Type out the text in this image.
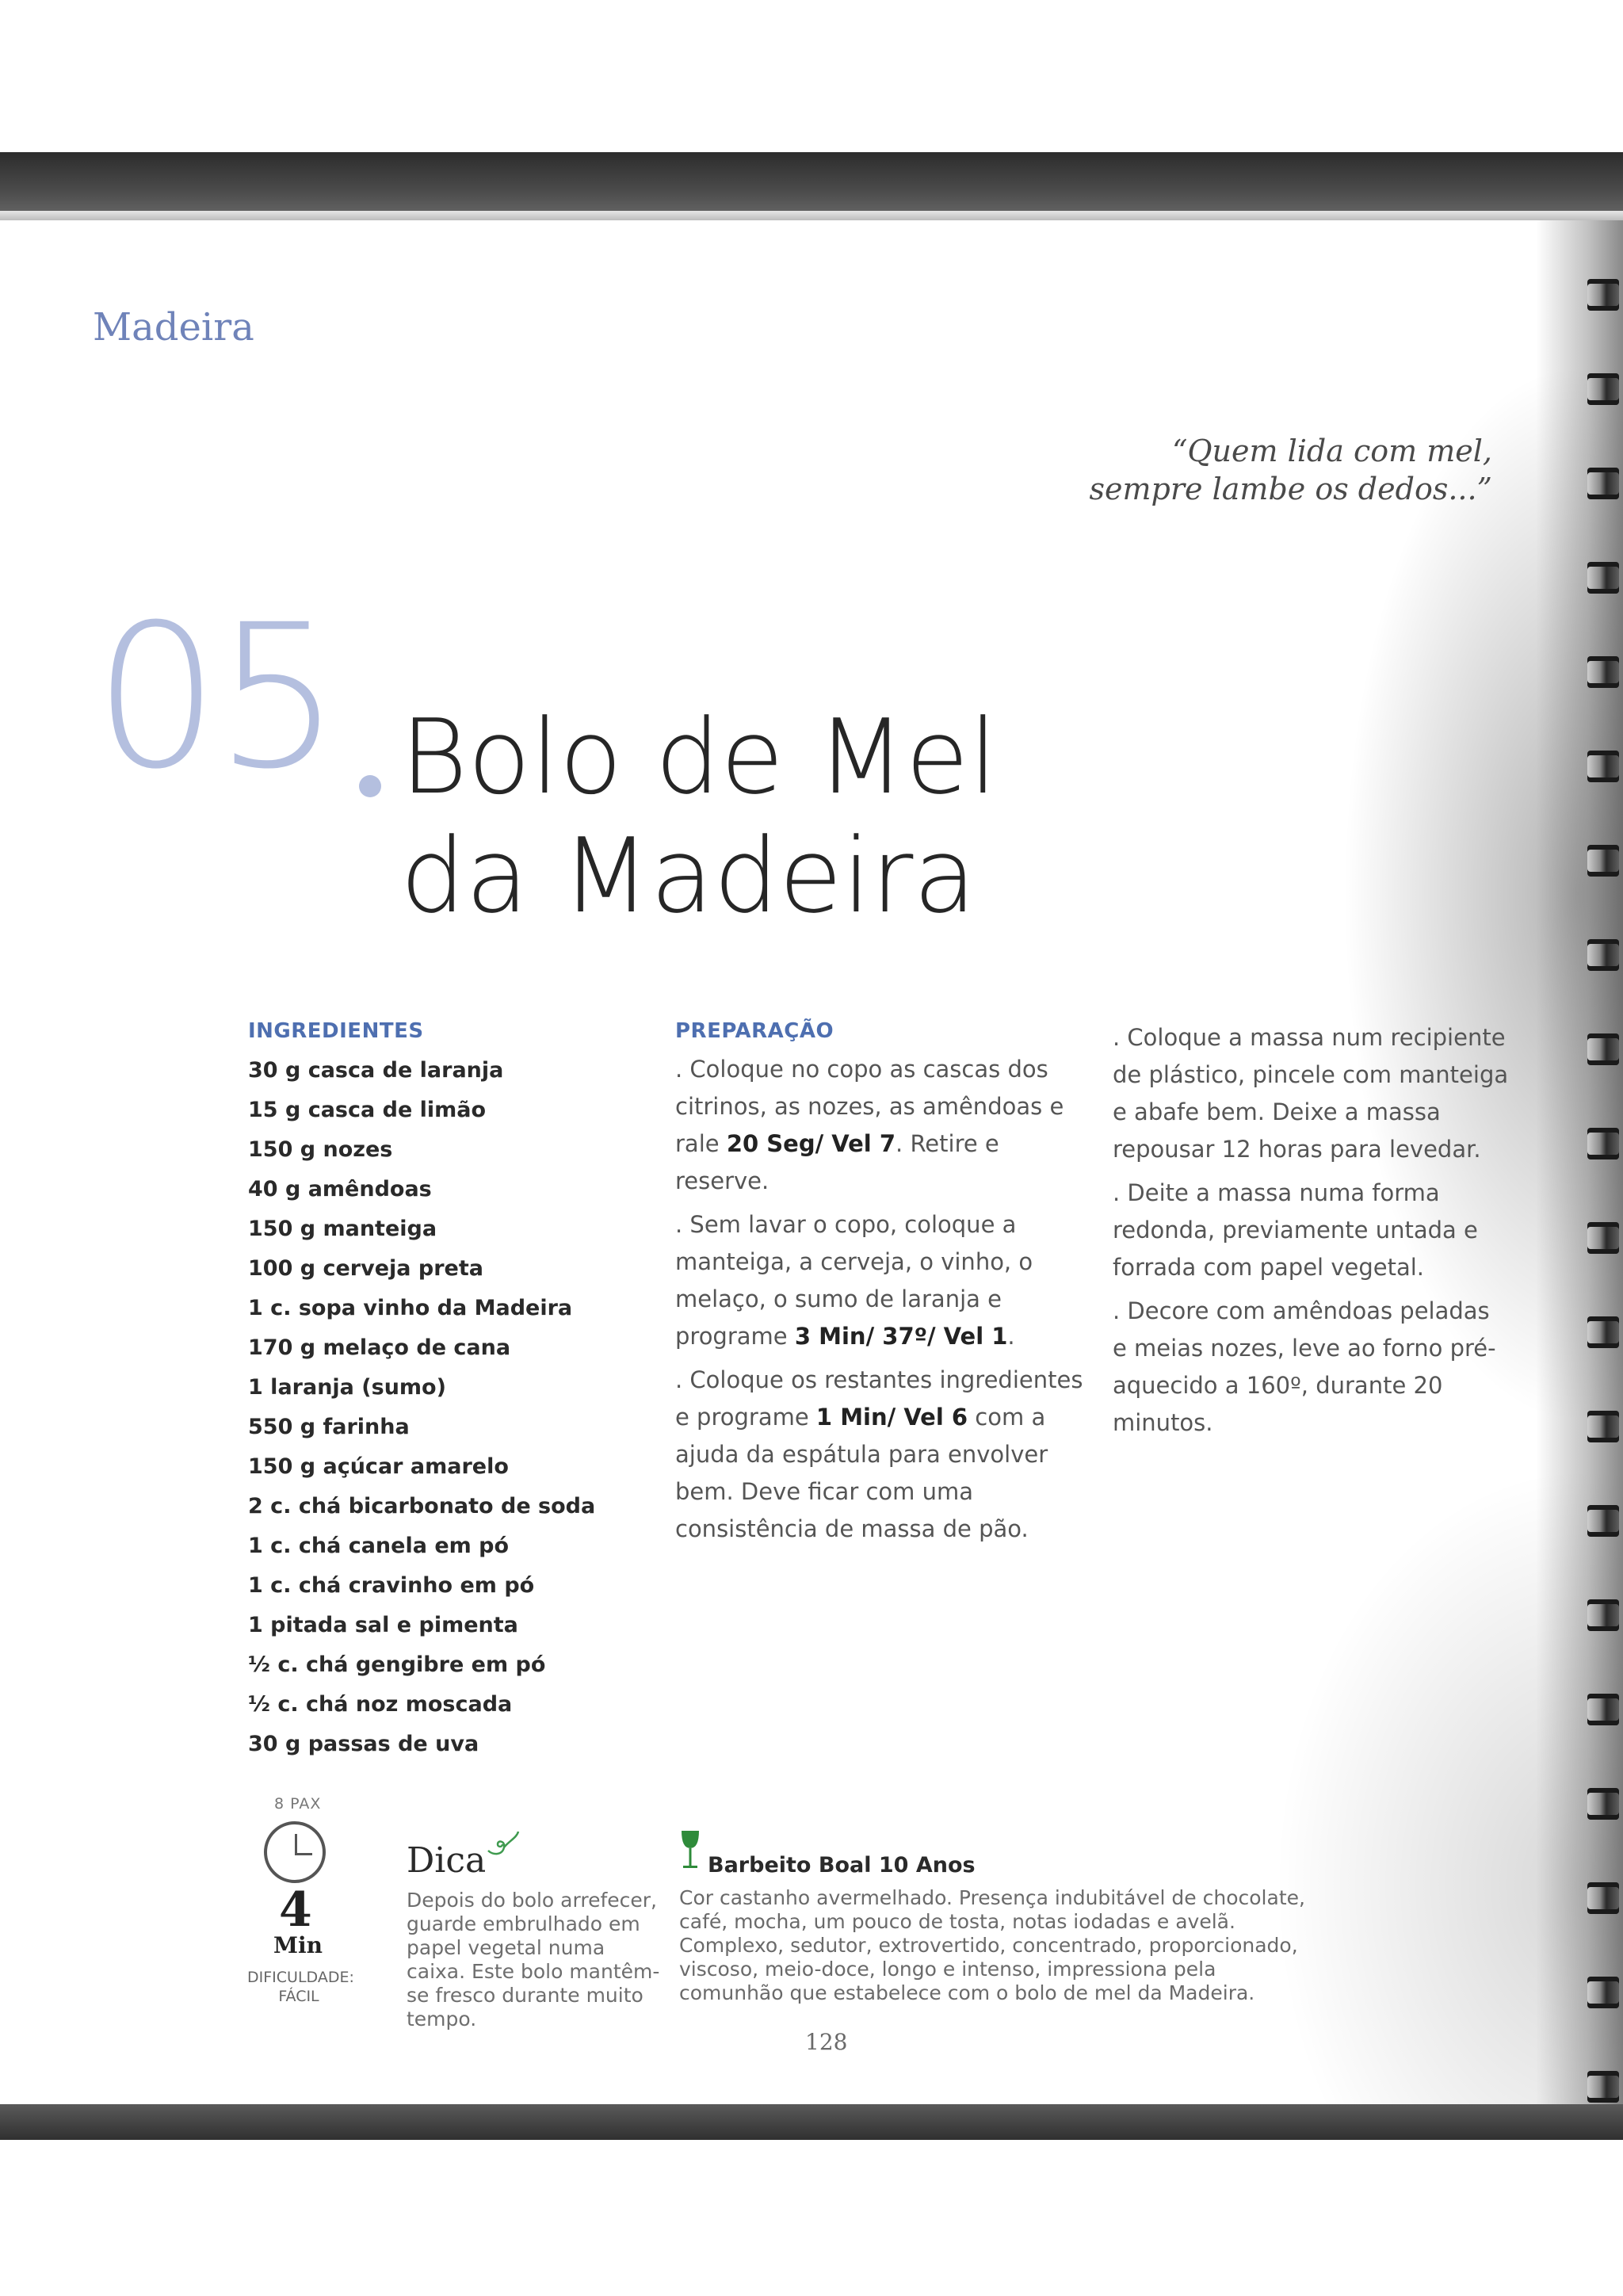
Madeira
“Quem lida com mel,
sempre lambe os dedos...”
05 Bolo de Mel
da Madeira
INGREDIENTES
30 g casca de laranja
15 g casca de limão
150 g nozes
40 g amêndoas
150 g manteiga
100 g cerveja preta
1 c. sopa vinho da Madeira
170 g melaço de cana
1 laranja (sumo)
550 g farinha
150 g açúcar amarelo
2 c. chá bicarbonato de soda
1 c. chá canela em pó
1 c. chá cravinho em pó
1 pitada sal e pimenta
½ c. chá gengibre em pó
½ c. chá noz moscada
30 g passas de uva
PREPARAÇÃO

. Coloque no copo as cascas dos citrinos, as nozes, as amêndoas e rale 20 Seg/ Vel 7. Retire e reserve.

. Sem lavar o copo, coloque a manteiga, a cerveja, o vinho, o melaço, o sumo de laranja e programe 3 Min/ 37º/ Vel 1.

. Coloque os restantes ingredientes e programe 1 Min/ Vel 6 com a ajuda da espátula para envolver bem. Deve ficar com uma consistência de massa de pão.

. Coloque a massa num recipiente de plástico, pincele com manteiga e abafe bem. Deixe a massa repousar 12 horas para levedar.

. Deite a massa numa forma redonda, previamente untada e forrada com papel vegetal.

. Decore com amêndoas peladas e meias nozes, leve ao forno pré-aquecido a 160º, durante 20 minutos.

8 PAX
4
Min
DIFICULDADE:
FÁCIL
Dica
Depois do bolo arrefecer, guarde embrulhado em papel vegetal numa caixa. Este bolo mantêm-se fresco durante muito tempo.
Barbeito Boal 10 Anos
Cor castanho avermelhado. Presença indubitável de chocolate, café, mocha, um pouco de tosta, notas iodadas e avelã. Complexo, sedutor, extrovertido, concentrado, proporcionado, viscoso, meio-doce, longo e intenso, impressiona pela comunhão que estabelece com o bolo de mel da Madeira.
128
